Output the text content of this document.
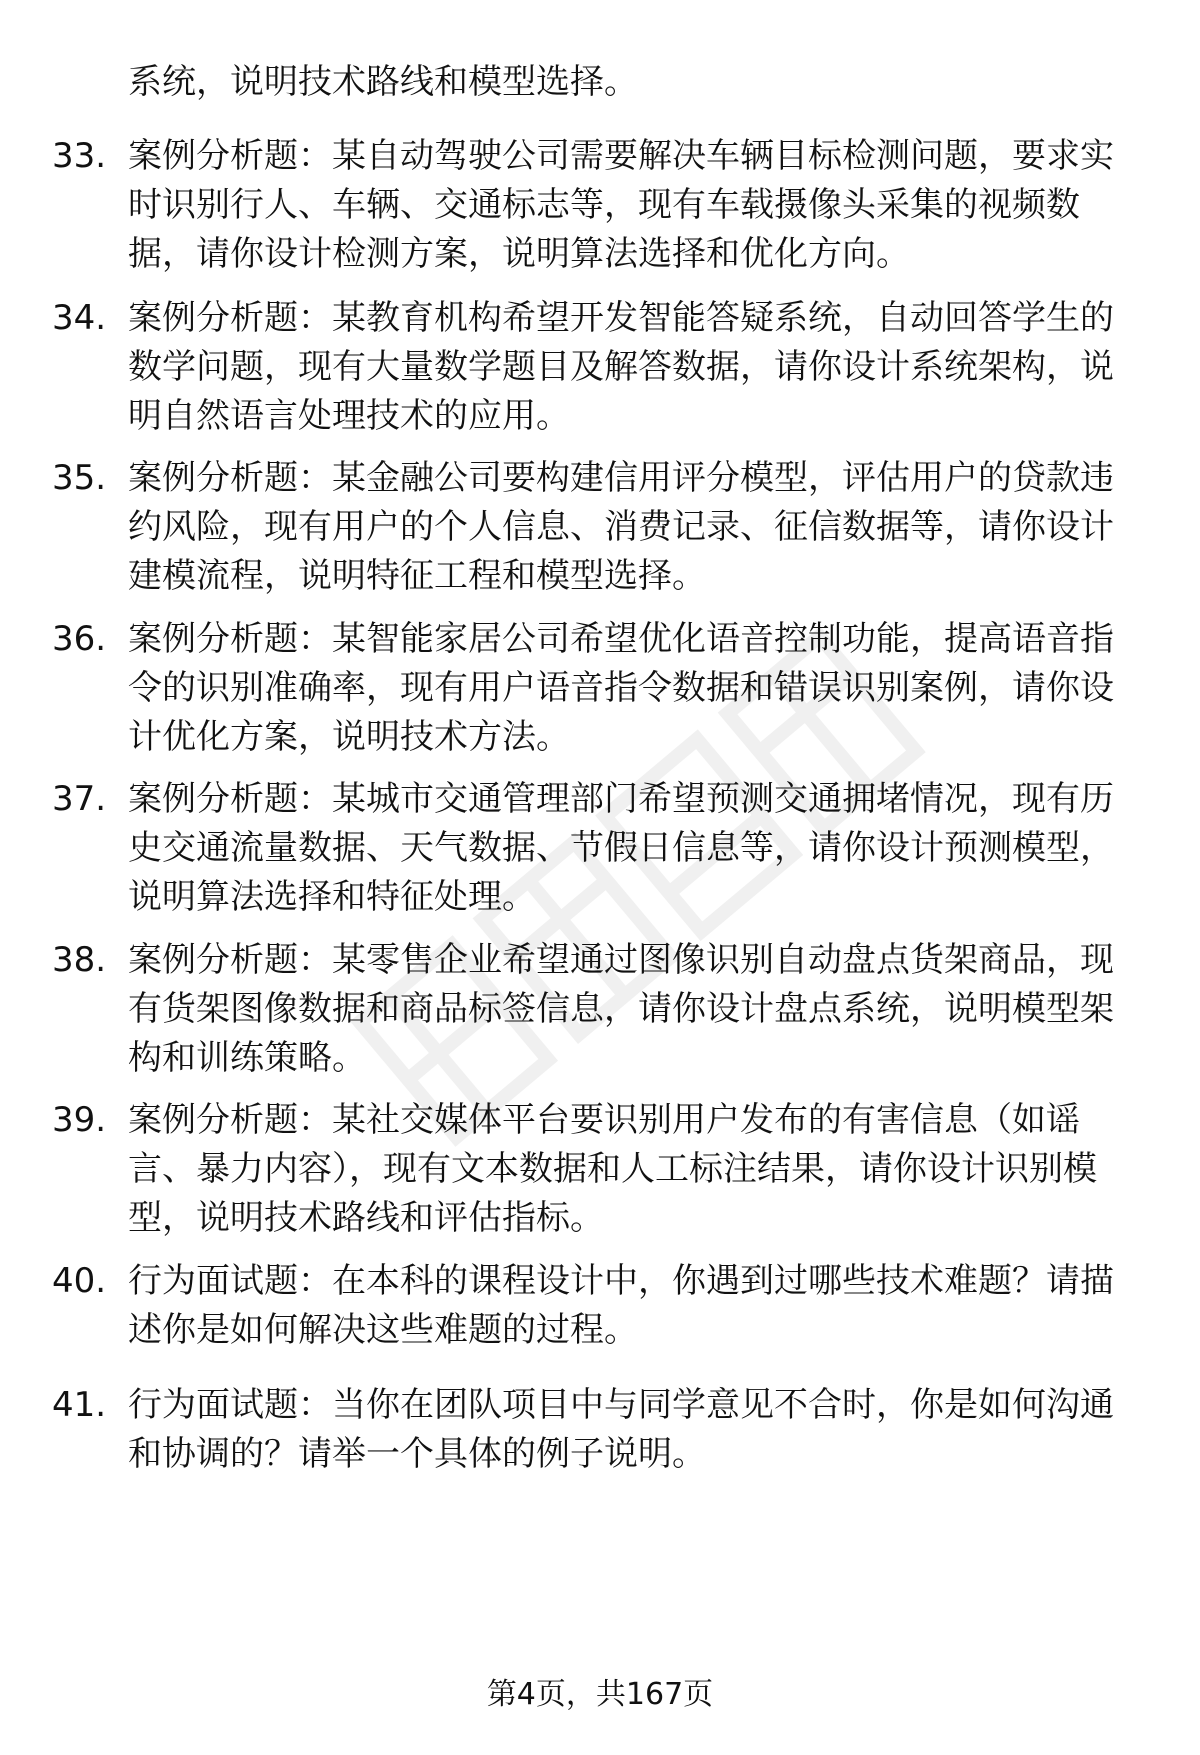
系统，说明技术路线和模型选择。

33. 案例分析题：某自动驾驶公司需要解决车辆目标检测问题，要求实时识别行人、车辆、交通标志等，现有车载摄像头采集的视频数据，请你设计检测方案，说明算法选择和优化方向。

34. 案例分析题：某教育机构希望开发智能答疑系统，自动回答学生的数学问题，现有大量数学题目及解答数据，请你设计系统架构，说明自然语言处理技术的应用。

35. 案例分析题：某金融公司要构建信用评分模型，评估用户的贷款违约风险，现有用户的个人信息、消费记录、征信数据等，请你设计建模流程，说明特征工程和模型选择。

36. 案例分析题：某智能家居公司希望优化语音控制功能，提高语音指令的识别准确率，现有用户语音指令数据和错误识别案例，请你设计优化方案，说明技术方法。

37. 案例分析题：某城市交通管理部门希望预测交通拥堵情况，现有历史交通流量数据、天气数据、节假日信息等，请你设计预测模型，说明算法选择和特征处理。

38. 案例分析题：某零售企业希望通过图像识别自动盘点货架商品，现有货架图像数据和商品标签信息，请你设计盘点系统，说明模型架构和训练策略。

39. 案例分析题：某社交媒体平台要识别用户发布的有害信息（如谣言、暴力内容），现有文本数据和人工标注结果，请你设计识别模型，说明技术路线和评估指标。

40. 行为面试题：在本科的课程设计中，你遇到过哪些技术难题？请描述你是如何解决这些难题的过程。

41. 行为面试题：当你在团队项目中与同学意见不合时，你是如何沟通和协调的？请举一个具体的例子说明。

第4页，共167页
